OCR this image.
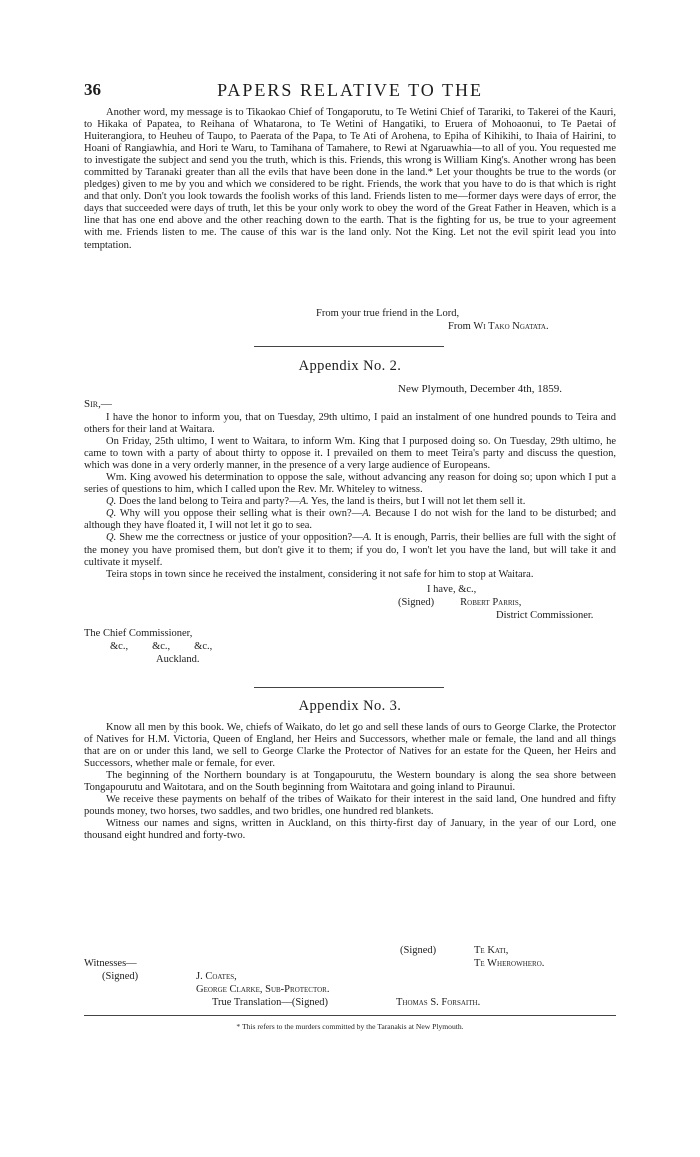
36	PAPERS RELATIVE TO THE

Another word, my message is to Tikaokao Chief of Tongaporutu, to Te Wetini Chief of Tarariki, to Takerei of the Kauri, to Hikaka of Papatea, to Reihana of Whatarona, to Te Wetini of Hangatiki, to Eruera of Mohoaonui, to Te Paetai of Huiterangiora, to Heuheu of Taupo, to Paerata of the Papa, to Te Ati of Arohena, to Epiha of Kihikihi, to Ihaia of Hairini, to Hoani of Rangiawhia, and Hori te Waru, to Tamihana of Tamahere, to Rewi at Ngaruawhia—to all of you. You requested me to investigate the subject and send you the truth, which is this. Friends, this wrong is William King's. Another wrong has been committed by Taranaki greater than all the evils that have been done in the land.* Let your thoughts be true to the words (or pledges) given to me by you and which we considered to be right. Friends, the work that you have to do is that which is right and that only. Don't you look towards the foolish works of this land. Friends listen to me—former days were days of error, the days that succeeded were days of truth, let this be your only work to obey the word of the Great Father in Heaven, which is a line that has one end above and the other reaching down to the earth. That is the fighting for us, be true to your agreement with me. Friends listen to me. The cause of this war is the land only. Not the King. Let not the evil spirit lead you into temptation.

From your true friend in the Lord,
From Wi Tako Ngatata.
Appendix No. 2.
New Plymouth, December 4th, 1859.
Sir,—

I have the honor to inform you, that on Tuesday, 29th ultimo, I paid an instalment of one hundred pounds to Teira and others for their land at Waitara.

On Friday, 25th ultimo, I went to Waitara, to inform Wm. King that I purposed doing so. On Tuesday, 29th ultimo, he came to town with a party of about thirty to oppose it. I prevailed on them to meet Teira's party and discuss the question, which was done in a very orderly manner, in the presence of a very large audience of Europeans.

Wm. King avowed his determination to oppose the sale, without advancing any reason for doing so; upon which I put a series of questions to him, which I called upon the Rev. Mr. Whiteley to witness.

Q. Does the land belong to Teira and party?—A. Yes, the land is theirs, but I will not let them sell it.

Q. Why will you oppose their selling what is their own?—A. Because I do not wish for the land to be disturbed; and although they have floated it, I will not let it go to sea.

Q. Shew me the correctness or justice of your opposition?—A. It is enough, Parris, their bellies are full with the sight of the money you have promised them, but don't give it to them; if you do, I won't let you have the land, but will take it and cultivate it myself.

Teira stops in town since he received the instalment, considering it not safe for him to stop at Waitara.

I have, &c.,
(Signed) Robert Parris,
District Commissioner.
The Chief Commissioner,
&c., &c., &c.,
Auckland.
Appendix No. 3.

Know all men by this book. We, chiefs of Waikato, do let go and sell these lands of ours to George Clarke, the Protector of Natives for H.M. Victoria, Queen of England, her Heirs and Successors, whether male or female, the land and all things that are on or under this land, we sell to George Clarke the Protector of Natives for an estate for the Queen, her Heirs and Successors, whether male or female, for ever.

The beginning of the Northern boundary is at Tongapourutu, the Western boundary is along the sea shore between Tongapourutu and Waitotara, and on the South beginning from Waitotara and going inland to Piraunui.

We receive these payments on behalf of the tribes of Waikato for their interest in the said land, One hundred and fifty pounds money, two horses, two saddles, and two bridles, one hundred red blankets.

Witness our names and signs, written in Auckland, on this thirty-first day of January, in the year of our Lord, one thousand eight hundred and forty-two.

(Signed)	Te Kati,
Witnesses—	Te Wherowhero.
(Signed)	J. Coates,
George Clarke, Sub-Protector.
True Translation—(Signed)	Thomas S. Forsaith.
* This refers to the murders committed by the Taranakis at New Plymouth.
